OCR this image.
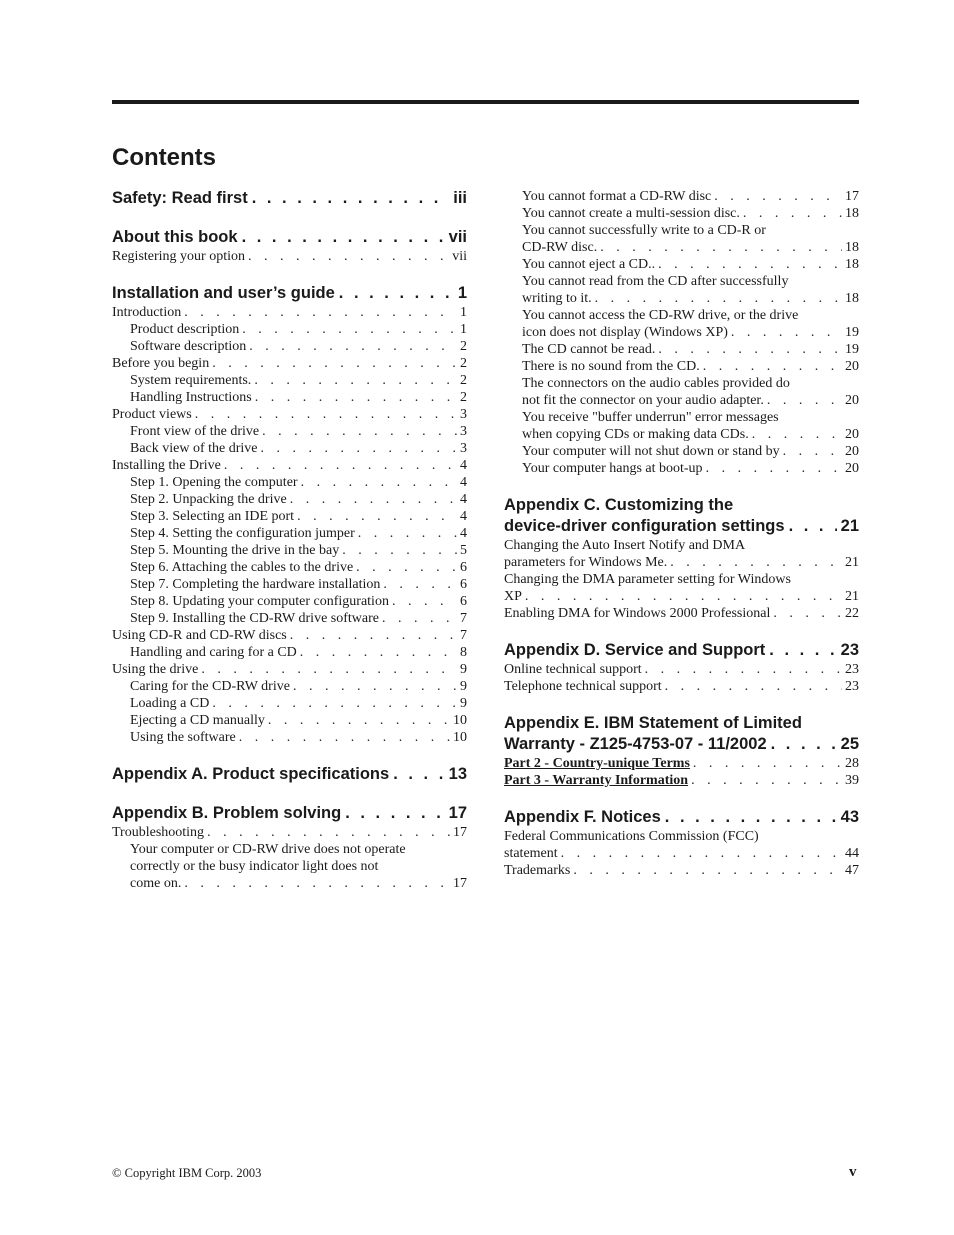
Contents
Safety: Read first . . .	iii
About this book . . .	vii
Registering your option . . .	vii
Installation and user’s guide . . .	1
Introduction . . .	1
Product description . . .	1
Software description . . .	2
Before you begin . . .	2
System requirements. . . .	2
Handling Instructions . . .	2
Product views . . .	3
Front view of the drive . . .	3
Back view of the drive . . .	3
Installing the Drive . . .	4
Step 1. Opening the computer . . .	4
Step 2. Unpacking the drive . . .	4
Step 3. Selecting an IDE port . . .	4
Step 4. Setting the configuration jumper . . .	4
Step 5. Mounting the drive in the bay . . .	5
Step 6. Attaching the cables to the drive . . .	6
Step 7. Completing the hardware installation . . .	6
Step 8. Updating your computer configuration . . .	6
Step 9. Installing the CD-RW drive software . . .	7
Using CD-R and CD-RW discs . . .	7
Handling and caring for a CD . . .	8
Using the drive . . .	9
Caring for the CD-RW drive . . .	9
Loading a CD . . .	9
Ejecting a CD manually . . .	10
Using the software . . .	10
Appendix A. Product specifications . . .	13
Appendix B. Problem solving . . .	17
Troubleshooting . . .	17
Your computer or CD-RW drive does not operate
correctly or the busy indicator light does not
come on. . . .	17
You cannot format a CD-RW disc . . .	17
You cannot create a multi-session disc. . . .	18
You cannot successfully write to a CD-R or
CD-RW disc. . . .	18
You cannot eject a CD.. . . .	18
You cannot read from the CD after successfully
writing to it. . . .	18
You cannot access the CD-RW drive, or the drive
icon does not display (Windows XP) . . .	19
The CD cannot be read. . . .	19
There is no sound from the CD. . . .	20
The connectors on the audio cables provided do
not fit the connector on your audio adapter. . . .	20
You receive "buffer underrun" error messages
when copying CDs or making data CDs. . . .	20
Your computer will not shut down or stand by . . .	20
Your computer hangs at boot-up . . .	20
Appendix C. Customizing the
device-driver configuration settings . . .	21
Changing the Auto Insert Notify and DMA
parameters for Windows Me. . . .	21
Changing the DMA parameter setting for Windows
XP . . .	21
Enabling DMA for Windows 2000 Professional . . .	22
Appendix D. Service and Support . . .	23
Online technical support . . .	23
Telephone technical support . . .	23
Appendix E. IBM Statement of Limited
Warranty - Z125-4753-07 - 11/2002 . . .	25
Part 2 - Country-unique Terms . . .	28
Part 3 - Warranty Information . . .	39
Appendix F. Notices . . .	43
Federal Communications Commission (FCC)
statement . . .	44
Trademarks . . .	47
© Copyright IBM Corp. 2003	v
